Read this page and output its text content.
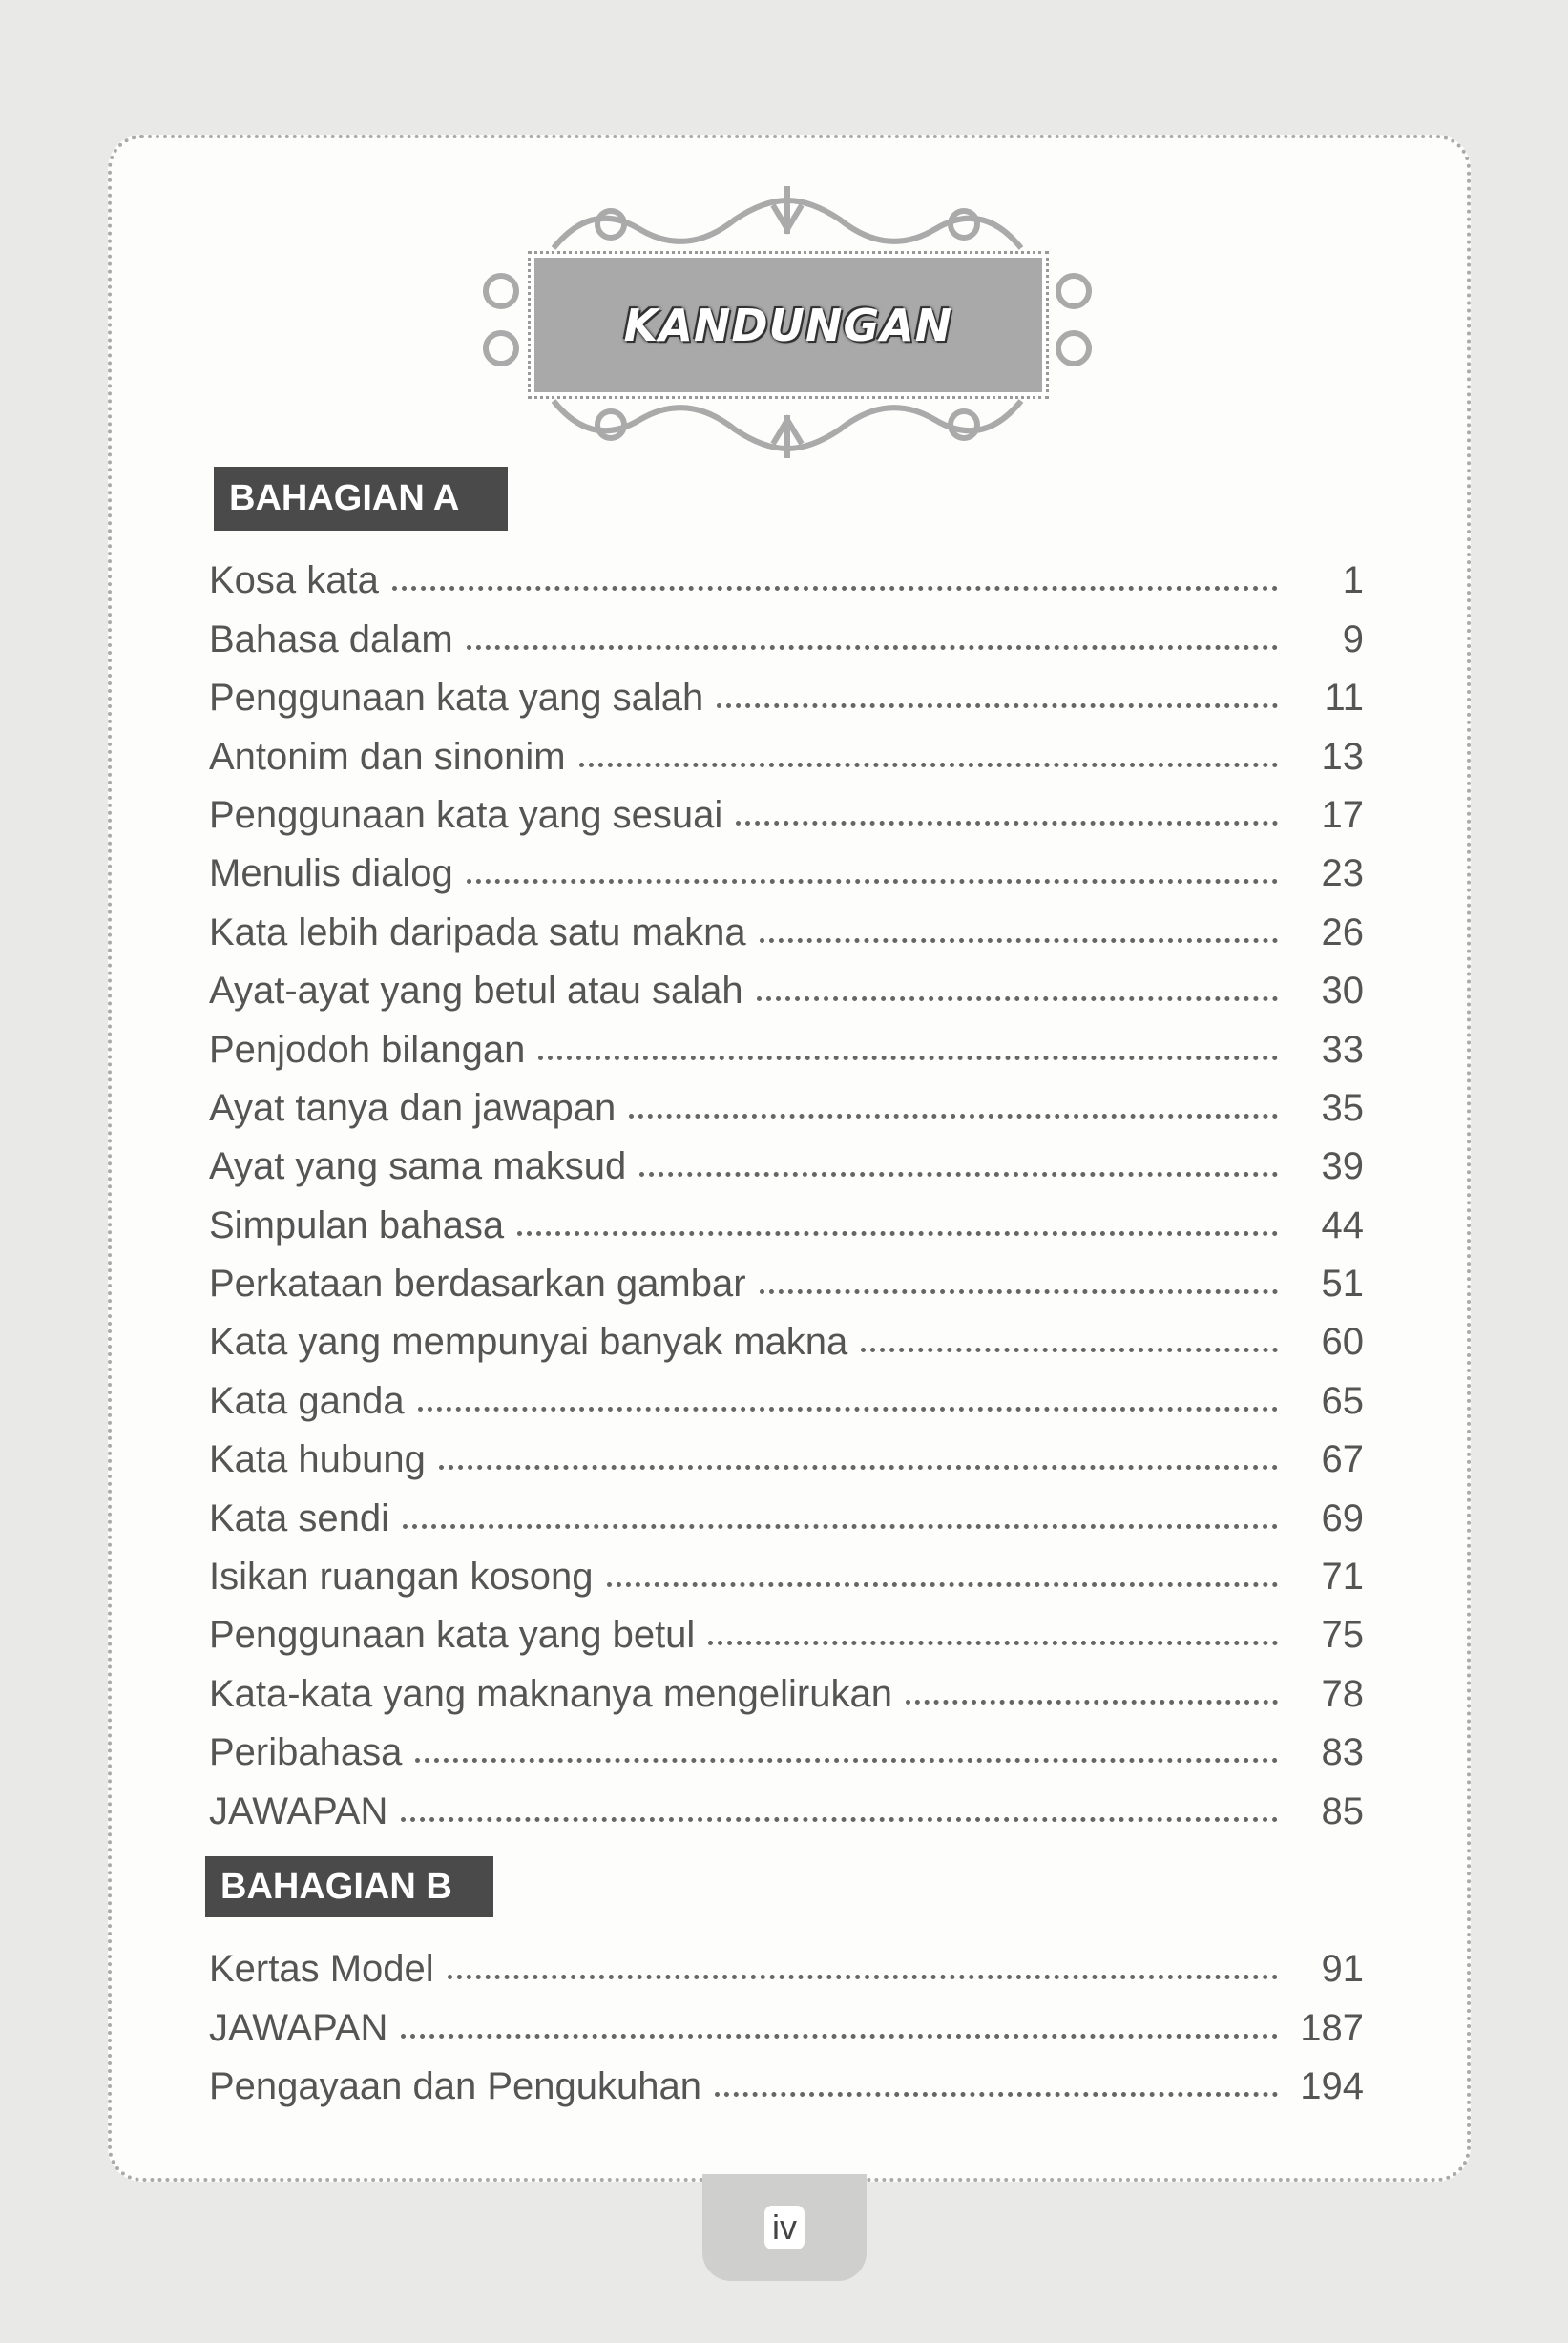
KANDUNGAN
BAHAGIAN A
Kosa kata	1
Bahasa dalam	9
Penggunaan kata yang salah	11
Antonim dan sinonim	13
Penggunaan kata yang sesuai	17
Menulis dialog	23
Kata lebih daripada satu makna	26
Ayat-ayat yang betul atau salah	30
Penjodoh bilangan	33
Ayat tanya dan jawapan	35
Ayat yang sama maksud	39
Simpulan bahasa	44
Perkataan berdasarkan gambar	51
Kata yang mempunyai banyak makna	60
Kata ganda	65
Kata hubung	67
Kata sendi	69
Isikan ruangan kosong	71
Penggunaan kata yang betul	75
Kata-kata yang maknanya mengelirukan	78
Peribahasa	83
JAWAPAN	85
BAHAGIAN B
Kertas Model	91
JAWAPAN	187
Pengayaan dan Pengukuhan	194
iv
